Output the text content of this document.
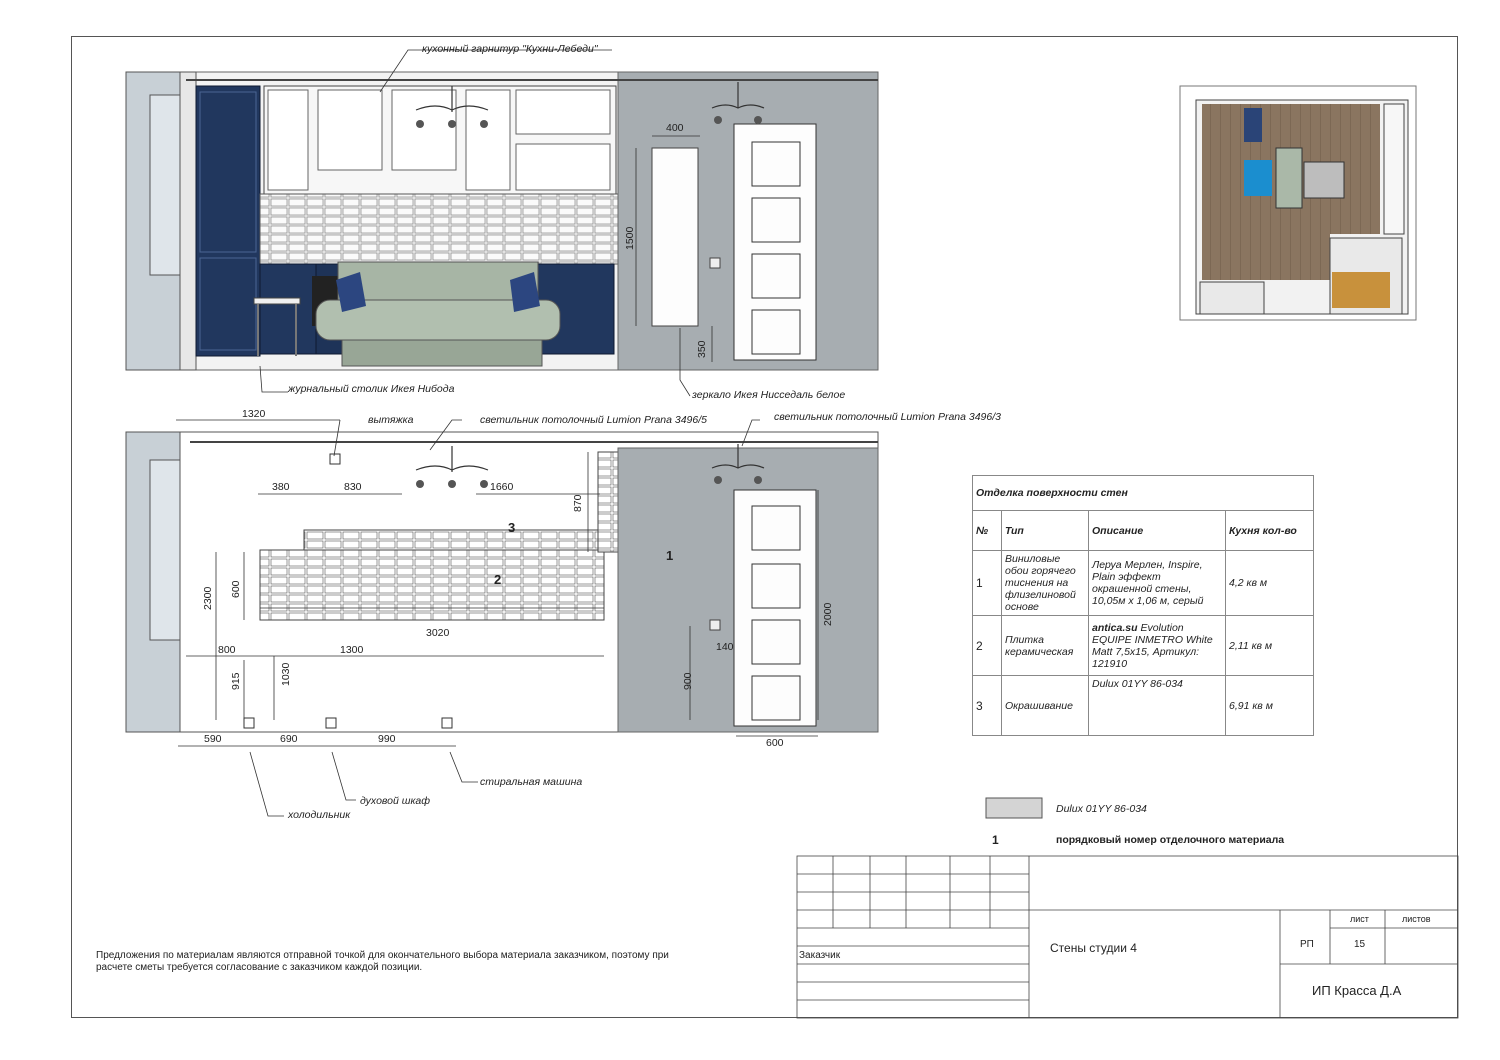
кухонный гарнитур "Кухни-Лебеди"
журнальный столик Икея Нибода	зеркало Икея Нисседаль белое
400
1500
350
1320	вытяжка	светильник потолочный Lumion Prana 3496/5	светильник потолочный Lumion Prana 3496/3
380	830	1660
870
2300 600
3020
800	1300
915	1030
140
900
2000
590	690	990	600
стиральная машина
духовой шкаф
холодильник
3
2
1
Отделка поверхности стен			
№	Тип	Описание	Кухня кол-во
1	Виниловые обои горячего тиснения на флизелиновой основе	Леруа Мерлен, Inspire, Plain эффект окрашенной стены, 10,05м х 1,06 м, серый	4,2 кв м
2	Плитка керамическая	antica.su Evolution EQUIPE INMETRO White Matt 7,5х15, Артикул: 121910	2,11 кв м
3	Окрашивание	Dulux 01YY 86-034	6,91 кв м
Dulux 01YY 86-034
1	порядковый номер отделочного материала
Предложения по материалам являются отправной точкой для окончательного выбора материала заказчиком, поэтому при расчете сметы требуется согласование с заказчиком каждой позиции.
Заказчик
Стены студии 4
лист	листов
РП	15
ИП Красса Д.А
